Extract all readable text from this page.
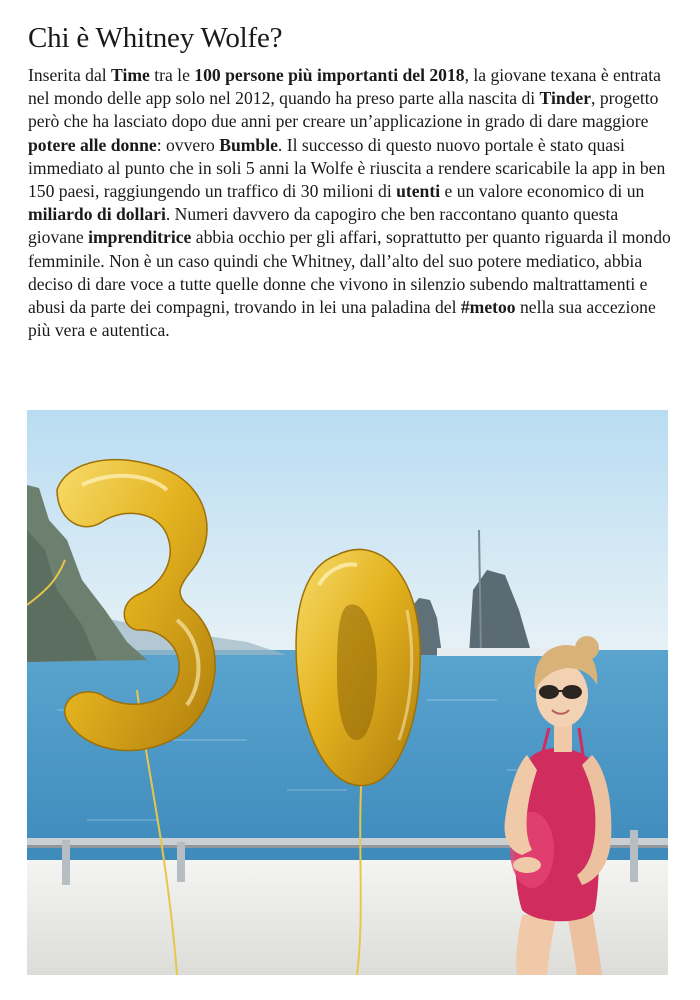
Chi è Whitney Wolfe?

Inserita dal Time tra le 100 persone più importanti del 2018, la giovane texana è entrata nel mondo delle app solo nel 2012, quando ha preso parte alla nascita di Tinder, progetto però che ha lasciato dopo due anni per creare un’applicazione in grado di dare maggiore potere alle donne: ovvero Bumble. Il successo di questo nuovo portale è stato quasi immediato al punto che in soli 5 anni la Wolfe è riuscita a rendere scaricabile la app in ben 150 paesi, raggiungendo un traffico di 30 milioni di utenti e un valore economico di un miliardo di dollari. Numeri davvero da capogiro che ben raccontano quanto questa giovane imprenditrice abbia occhio per gli affari, soprattutto per quanto riguarda il mondo femminile. Non è un caso quindi che Whitney, dall’alto del suo potere mediatico, abbia deciso di dare voce a tutte quelle donne che vivono in silenzio subendo maltrattamenti e abusi da parte dei compagni, trovando in lei una paladina del #metoo nella sua accezione più vera e autentica.
